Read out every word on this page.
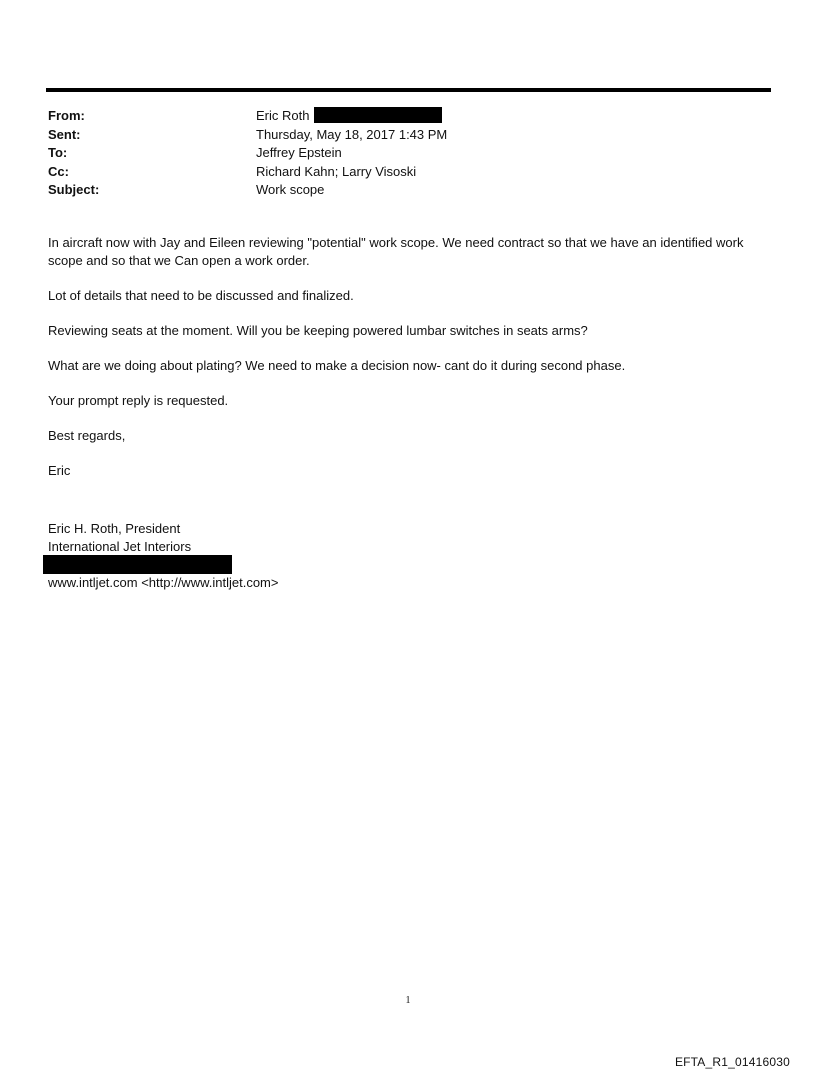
From:	Eric Roth
Sent:	Thursday, May 18, 2017 1:43 PM
To:	Jeffrey Epstein
Cc:	Richard Kahn; Larry Visoski
Subject:	Work scope

In aircraft now with Jay and Eileen reviewing "potential" work scope. We need contract so that we have an identified work scope and so that we Can open a work order.

Lot of details that need to be discussed and finalized.

Reviewing seats at the moment. Will you be keeping powered lumbar switches in seats arms?

What are we doing about plating? We need to make a decision now- cant do it during second phase.

Your prompt reply is requested.

Best regards,

Eric

Eric H. Roth, President
International Jet Interiors
www.intljet.com <http://www.intljet.com>
1
EFTA_R1_01416030
